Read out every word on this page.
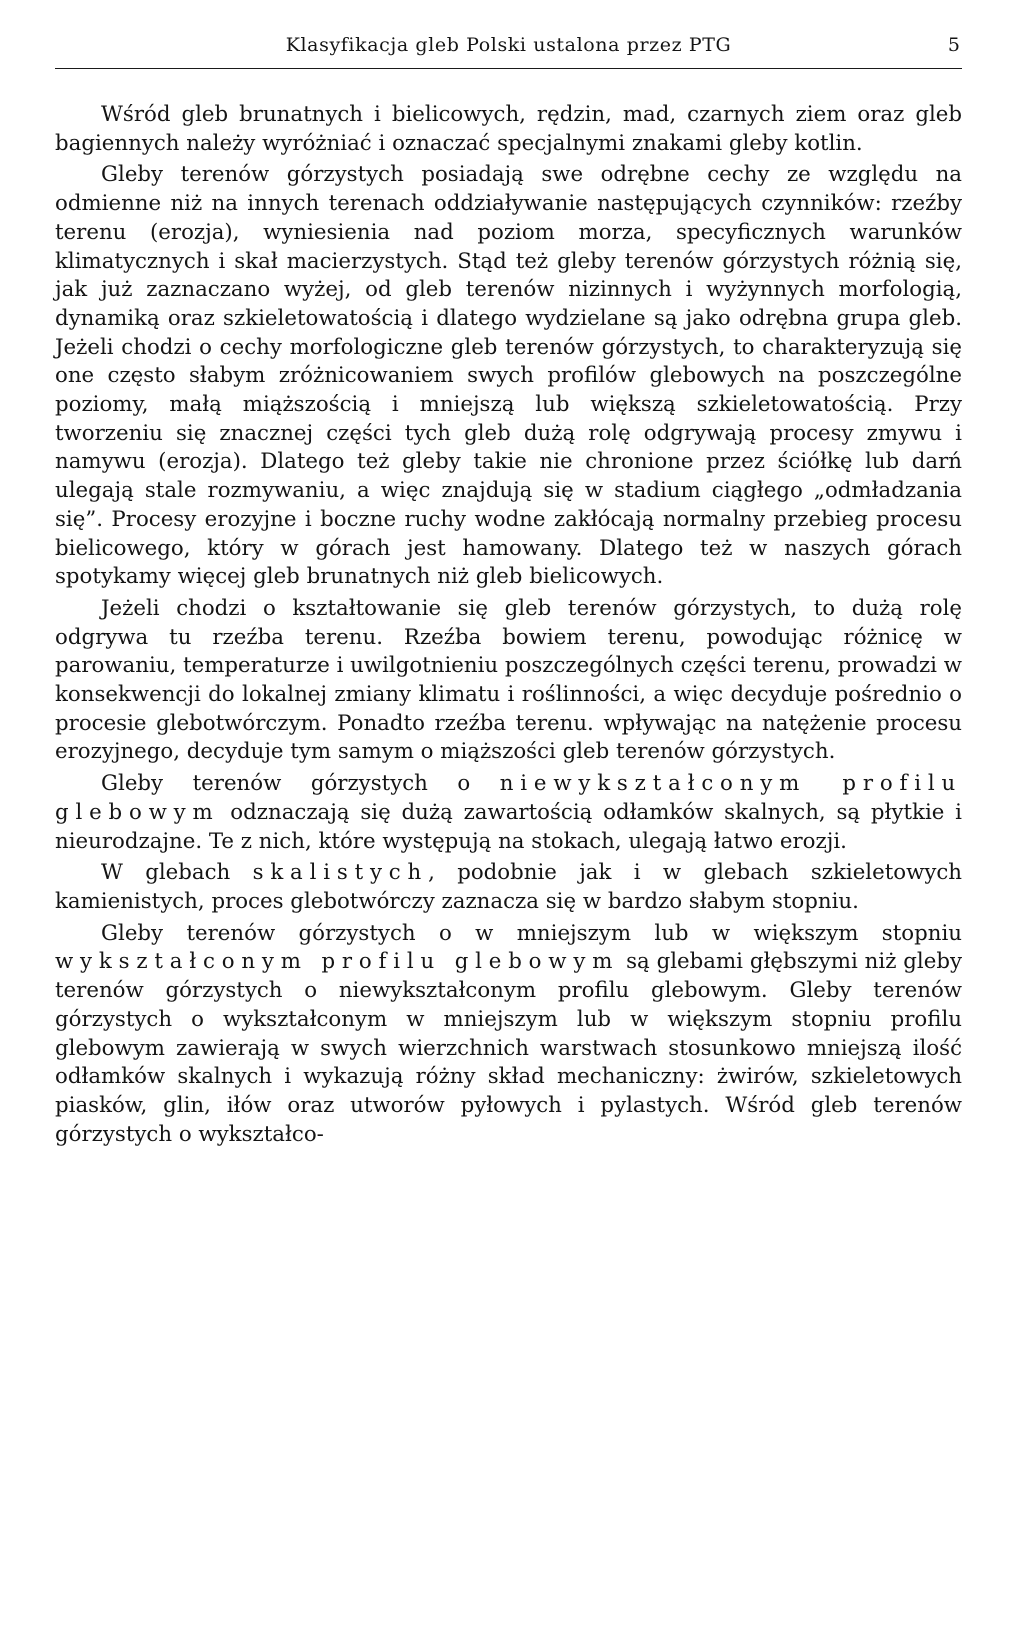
Klasyfikacja gleb Polski ustalona przez PTG	5

Wśród gleb brunatnych i bielicowych, rędzin, mad, czarnych ziem oraz gleb bagiennych należy wyróżniać i oznaczać specjalnymi znakami gleby kotlin.

Gleby terenów górzystych posiadają swe odrębne cechy ze względu na odmienne niż na innych terenach oddziaływanie następujących czynników: rzeźby terenu (erozja), wyniesienia nad poziom morza, specyficznych warunków klimatycznych i skał macierzystych. Stąd też gleby terenów górzystych różnią się, jak już zaznaczano wyżej, od gleb terenów nizinnych i wyżynnych morfologią, dynamiką oraz szkieletowatością i dlatego wydzielane są jako odrębna grupa gleb. Jeżeli chodzi o cechy morfologiczne gleb terenów górzystych, to charakteryzują się one często słabym zróżnicowaniem swych profilów glebowych na poszczególne poziomy, małą miąższością i mniejszą lub większą szkieletowatością. Przy tworzeniu się znacznej części tych gleb dużą rolę odgrywają procesy zmywu i namywu (erozja). Dlatego też gleby takie nie chronione przez ściółkę lub darń ulegają stale rozmywaniu, a więc znajdują się w stadium ciągłego „odmładzania się”. Procesy erozyjne i boczne ruchy wodne zakłócają normalny przebieg procesu bielicowego, który w górach jest hamowany. Dlatego też w naszych górach spotykamy więcej gleb brunatnych niż gleb bielicowych.

Jeżeli chodzi o kształtowanie się gleb terenów górzystych, to dużą rolę odgrywa tu rzeźba terenu. Rzeźba bowiem terenu, powodując różnicę w parowaniu, temperaturze i uwilgotnieniu poszczególnych części terenu, prowadzi w konsekwencji do lokalnej zmiany klimatu i roślinności, a więc decyduje pośrednio o procesie glebotwórczym. Ponadto rzeźba terenu. wpływając na natężenie procesu erozyjnego, decyduje tym samym o miąższości gleb terenów górzystych.

Gleby terenów górzystych o niewykształconym profilu glebowym odznaczają się dużą zawartością odłamków skalnych, są płytkie i nieurodzajne. Te z nich, które występują na stokach, ulegają łatwo erozji.

W glebach skalistych, podobnie jak i w glebach szkieletowych kamienistych, proces glebotwórczy zaznacza się w bardzo słabym stopniu.

Gleby terenów górzystych o w mniejszym lub w większym stopniu wykształconym profilu glebowym są glebami głębszymi niż gleby terenów górzystych o niewykształconym profilu glebowym. Gleby terenów górzystych o wykształconym w mniejszym lub w większym stopniu profilu glebowym zawierają w swych wierzchnich warstwach stosunkowo mniejszą ilość odłamków skalnych i wykazują różny skład mechaniczny: żwirów, szkieletowych piasków, glin, iłów oraz utworów pyłowych i pylastych. Wśród gleb terenów górzystych o wykształco-
